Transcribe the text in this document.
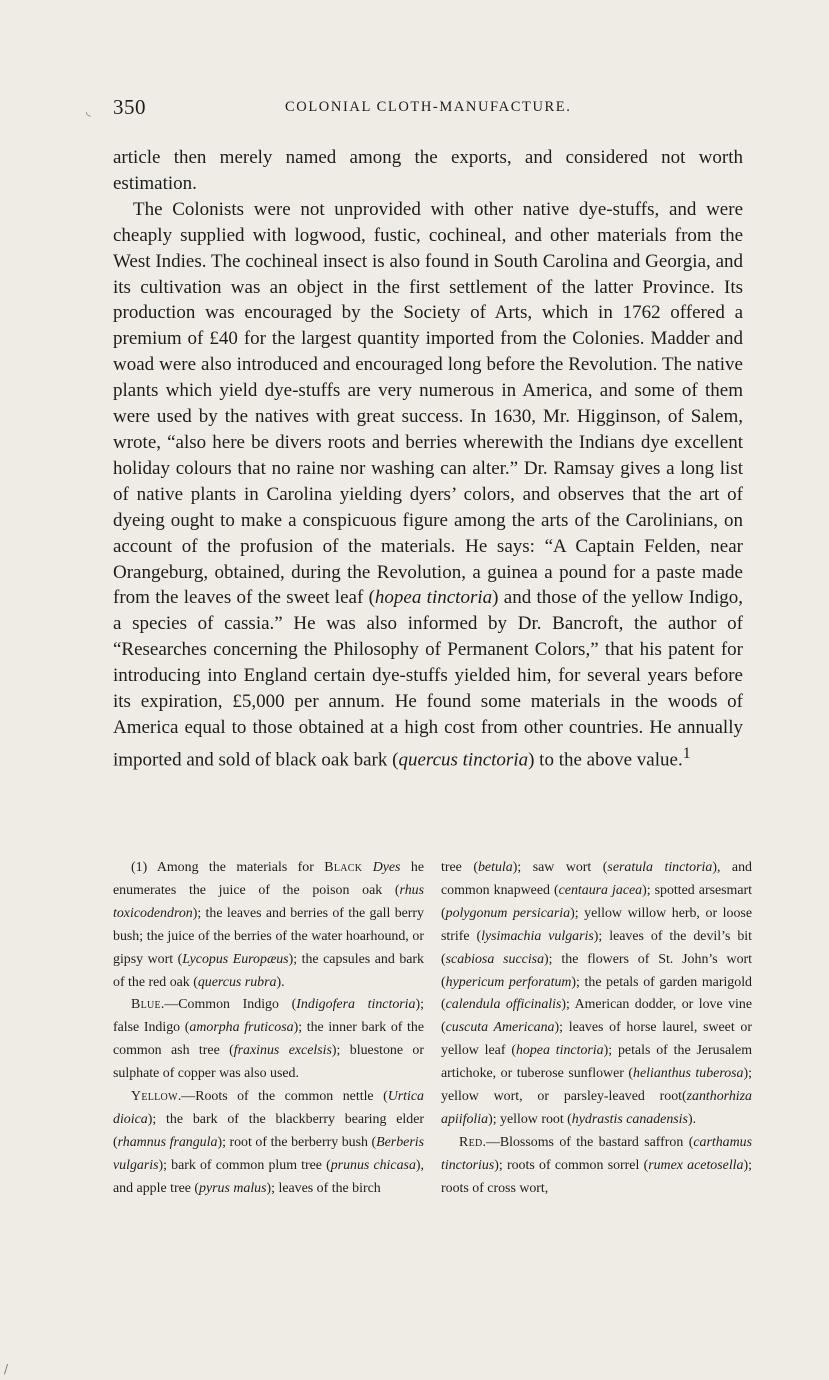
350	COLONIAL CLOTH-MANUFACTURE.
◟

article then merely named among the exports, and considered not worth estimation.

The Colonists were not unprovided with other native dye-stuffs, and were cheaply supplied with logwood, fustic, cochineal, and other materials from the West Indies. The cochineal insect is also found in South Carolina and Georgia, and its cultivation was an object in the first settlement of the latter Province. Its production was encouraged by the Society of Arts, which in 1762 offered a premium of £40 for the largest quantity imported from the Colonies. Madder and woad were also introduced and encouraged long before the Revolution. The native plants which yield dye-stuffs are very numerous in America, and some of them were used by the natives with great success. In 1630, Mr. Higginson, of Salem, wrote, “also here be divers roots and berries wherewith the Indians dye excellent holiday colours that no raine nor washing can alter.” Dr. Ramsay gives a long list of native plants in Carolina yielding dyers’ colors, and observes that the art of dyeing ought to make a conspicuous figure among the arts of the Carolinians, on account of the profusion of the materials. He says: “A Captain Felden, near Orangeburg, obtained, during the Revolution, a guinea a pound for a paste made from the leaves of the sweet leaf (hopea tinctoria) and those of the yellow Indigo, a species of cassia.” He was also informed by Dr. Bancroft, the author of “Researches concerning the Philosophy of Permanent Colors,” that his patent for introducing into England certain dye-stuffs yielded him, for several years before its expiration, £5,000 per annum. He found some materials in the woods of America equal to those obtained at a high cost from other countries. He annually imported and sold of black oak bark (quercus tinctoria) to the above value.$^1$

(1) Among the materials for Black Dyes he enumerates the juice of the poison oak (rhus toxicodendron); the leaves and berries of the gall berry bush; the juice of the berries of the water hoarhound, or gipsy wort (Lycopus Europæus); the capsules and bark of the red oak (quercus rubra).

Blue.—Common Indigo (Indigofera tinctoria); false Indigo (amorpha fruticosa); the inner bark of the common ash tree (fraxinus excelsis); bluestone or sulphate of copper was also used.

Yellow.—Roots of the common nettle (Urtica dioica); the bark of the blackberry bearing elder (rhamnus frangula); root of the berberry bush (Berberis vulgaris); bark of common plum tree (prunus chicasa), and apple tree (pyrus malus); leaves of the birch

tree (betula); saw wort (seratula tinctoria), and common knapweed (centaura jacea); spotted arsesmart (polygonum persicaria); yellow willow herb, or loose strife (lysimachia vulgaris); leaves of the devil’s bit (scabiosa succisa); the flowers of St. John’s wort (hypericum perforatum); the petals of garden marigold (calendula officinalis); American dodder, or love vine (cuscuta Americana); leaves of horse laurel, sweet or yellow leaf (hopea tinctoria); petals of the Jerusalem artichoke, or tuberose sunflower (helianthus tuberosa); yellow wort, or parsley-leaved root(zanthorhiza apiifolia); yellow root (hydrastis canadensis).

Red.—Blossoms of the bastard saffron (carthamus tinctorius); roots of common sorrel (rumex acetosella); roots of cross wort,

/
